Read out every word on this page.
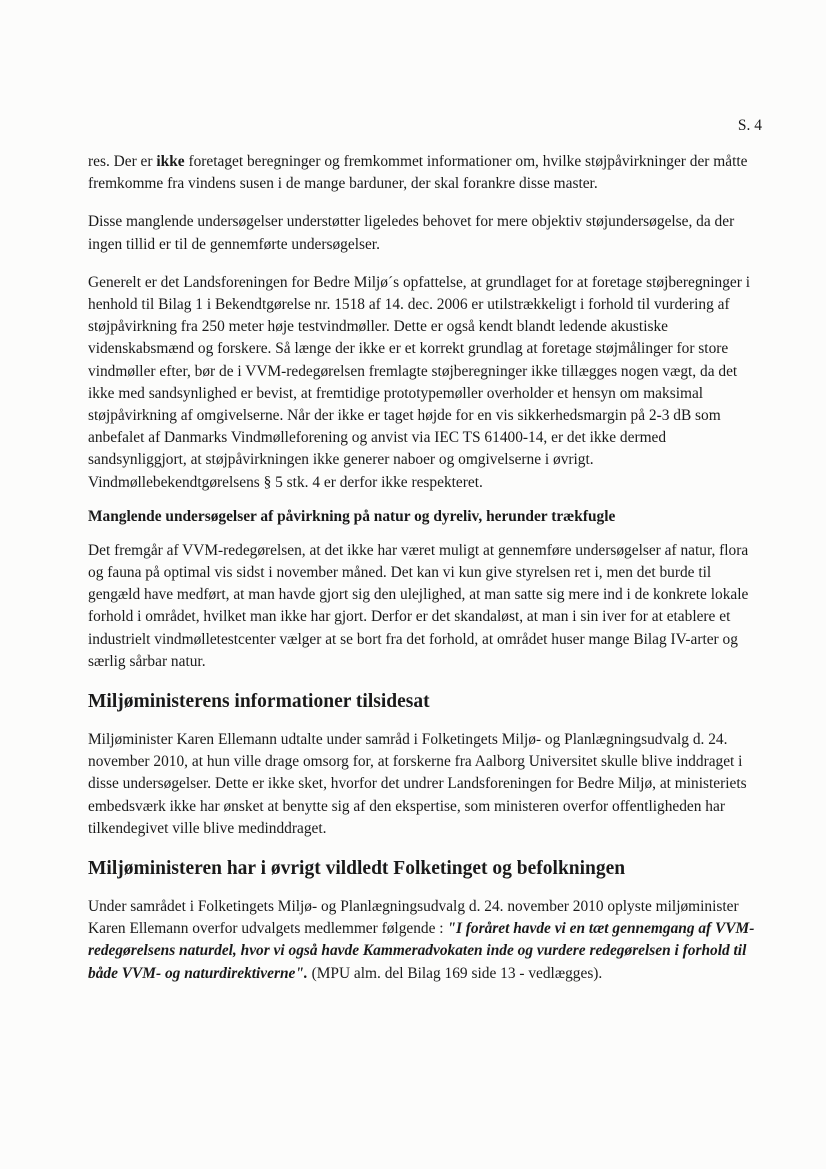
S. 4

res. Der er ikke foretaget beregninger og fremkommet informationer om, hvilke støjpåvirkninger der måtte fremkomme fra vindens susen i de mange barduner, der skal forankre disse master.

Disse manglende undersøgelser understøtter ligeledes behovet for mere objektiv støjundersøgelse, da der ingen tillid er til de gennemførte undersøgelser.

Generelt er det Landsforeningen for Bedre Miljø´s opfattelse, at grundlaget for at foretage støjberegninger i henhold til Bilag 1 i Bekendtgørelse nr. 1518 af 14. dec. 2006 er utilstrækkeligt i forhold til vurdering af støjpåvirkning fra 250 meter høje testvindmøller. Dette er også kendt blandt ledende akustiske videnskabsmænd og forskere. Så længe der ikke er et korrekt grundlag at foretage støjmålinger for store vindmøller efter, bør de i VVM-redegørelsen fremlagte støjberegninger ikke tillægges nogen vægt, da det ikke med sandsynlighed er bevist, at fremtidige prototypemøller overholder et hensyn om maksimal støjpåvirkning af omgivelserne. Når der ikke er taget højde for en vis sikkerhedsmargin på 2-3 dB som anbefalet af Danmarks Vindmølleforening og anvist via IEC TS 61400-14, er det ikke dermed sandsynliggjort, at støjpåvirkningen ikke generer naboer og omgivelserne i øvrigt. Vindmøllebekendtgørelsens § 5 stk. 4 er derfor ikke respekteret.

Manglende undersøgelser af påvirkning på natur og dyreliv, herunder trækfugle

Det fremgår af VVM-redegørelsen, at det ikke har været muligt at gennemføre undersøgelser af natur, flora og fauna på optimal vis sidst i november måned. Det kan vi kun give styrelsen ret i, men det burde til gengæld have medført, at man havde gjort sig den ulejlighed, at man satte sig mere ind i de konkrete lokale forhold i området, hvilket man ikke har gjort. Derfor er det skandaløst, at man i sin iver for at etablere et industrielt vindmølletestcenter vælger at se bort fra det forhold, at området huser mange Bilag IV-arter og særlig sårbar natur.

Miljøministerens informationer tilsidesat

Miljøminister Karen Ellemann udtalte under samråd i Folketingets Miljø- og Planlægningsudvalg d. 24. november 2010, at hun ville drage omsorg for, at forskerne fra Aalborg Universitet skulle blive inddraget i disse undersøgelser. Dette er ikke sket, hvorfor det undrer Landsforeningen for Bedre Miljø, at ministeriets embedsværk ikke har ønsket at benytte sig af den ekspertise, som ministeren overfor offentligheden har tilkendegivet ville blive medinddraget.

Miljøministeren har i øvrigt vildledt Folketinget og befolkningen

Under samrådet i Folketingets Miljø- og Planlægningsudvalg d. 24. november 2010 oplyste miljøminister Karen Ellemann overfor udvalgets medlemmer følgende : "I foråret havde vi en tæt gennemgang af VVM-redegørelsens naturdel, hvor vi også havde Kammeradvokaten inde og vurdere redegørelsen i forhold til både VVM- og naturdirektiverne". (MPU alm. del Bilag 169 side 13 - vedlægges).
